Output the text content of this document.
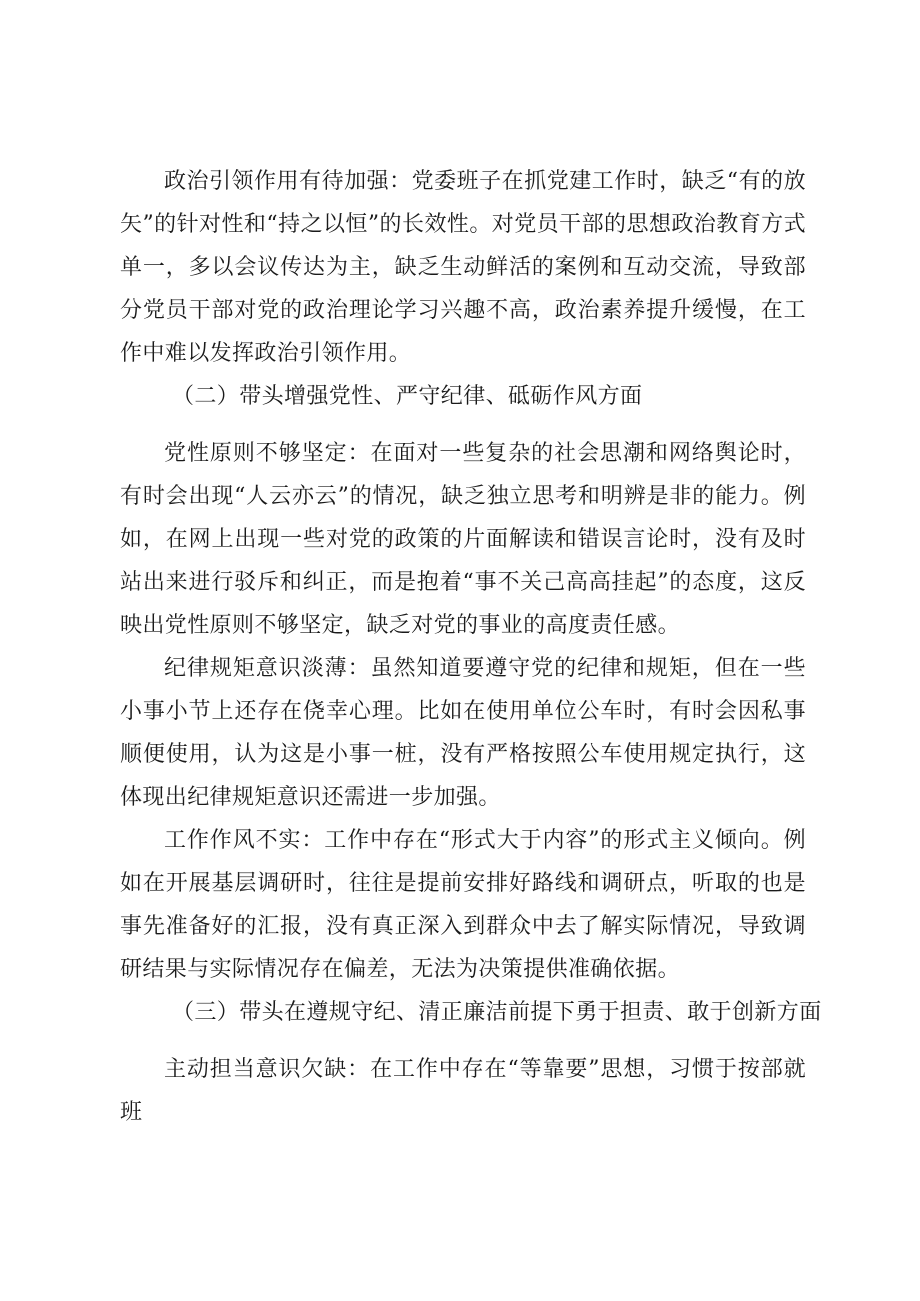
政治引领作用有待加强：党委班子在抓党建工作时，缺乏“有的放矢”的针对性和“持之以恒”的长效性。对党员干部的思想政治教育方式单一，多以会议传达为主，缺乏生动鲜活的案例和互动交流，导致部分党员干部对党的政治理论学习兴趣不高，政治素养提升缓慢，在工作中难以发挥政治引领作用。

（二）带头增强党性、严守纪律、砥砺作风方面

党性原则不够坚定：在面对一些复杂的社会思潮和网络舆论时，有时会出现“人云亦云”的情况，缺乏独立思考和明辨是非的能力。例如，在网上出现一些对党的政策的片面解读和错误言论时，没有及时站出来进行驳斥和纠正，而是抱着“事不关己高高挂起”的态度，这反映出党性原则不够坚定，缺乏对党的事业的高度责任感。

纪律规矩意识淡薄：虽然知道要遵守党的纪律和规矩，但在一些小事小节上还存在侥幸心理。比如在使用单位公车时，有时会因私事顺便使用，认为这是小事一桩，没有严格按照公车使用规定执行，这体现出纪律规矩意识还需进一步加强。

工作作风不实：工作中存在“形式大于内容”的形式主义倾向。例如在开展基层调研时，往往是提前安排好路线和调研点，听取的也是事先准备好的汇报，没有真正深入到群众中去了解实际情况，导致调研结果与实际情况存在偏差，无法为决策提供准确依据。

（三）带头在遵规守纪、清正廉洁前提下勇于担责、敢于创新方面

主动担当意识欠缺：在工作中存在“等靠要”思想，习惯于按部就班
